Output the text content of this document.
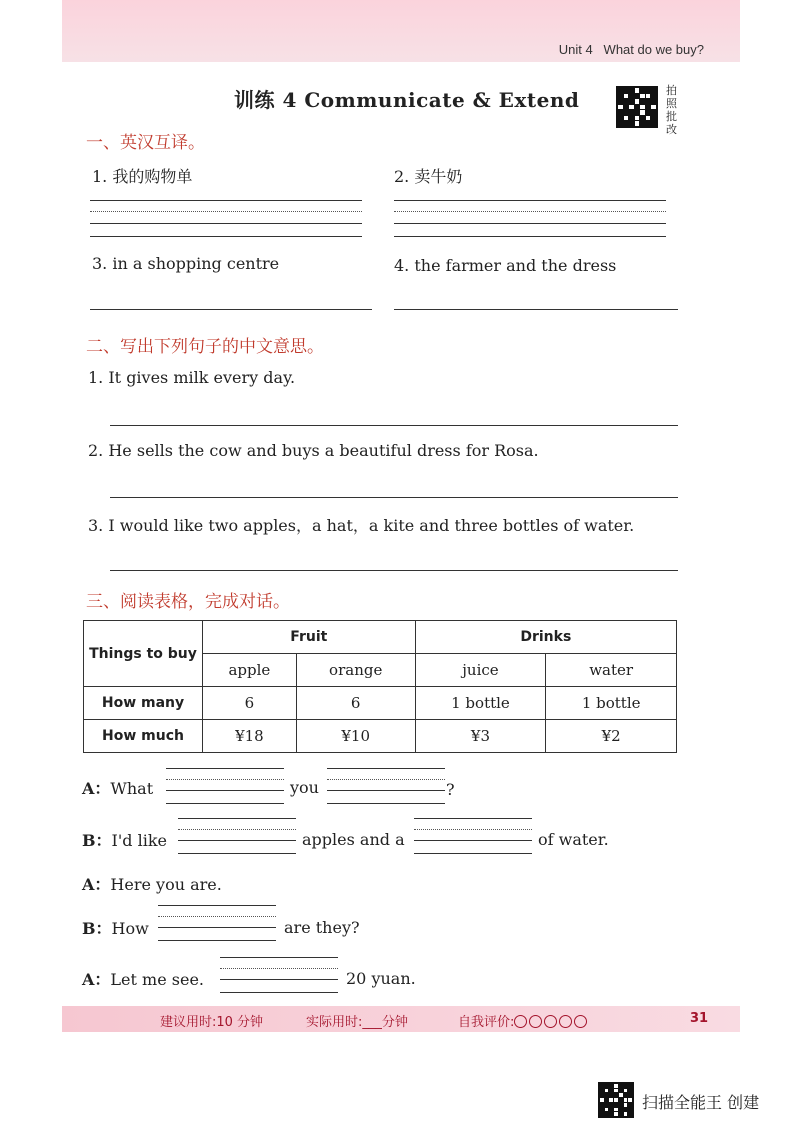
Unit 4 What do we buy?
训练 4 Communicate & Extend	拍照批改
一、英汉互译。
1. 我的购物单	2. 卖牛奶
3. in a shopping centre	4. the farmer and the dress
二、写出下列句子的中文意思。
1. It gives milk every day.
2. He sells the cow and buys a beautiful dress for Rosa.
3. I would like two apples，a hat，a kite and three bottles of water.
三、阅读表格，完成对话。
Things to buy	Fruit		Drinks	
	apple	orange	juice	water
How many	6	6	1 bottle	1 bottle
How much	¥18	¥10	¥3	¥2
A：What	you	?
B：I'd like	apples and a	of water.
A：Here you are.
B：How	are they?
A：Let me see.	20 yuan.
建议用时:10 分钟	实际用时:___分钟	自我评价:	31
扫描全能王 创建
